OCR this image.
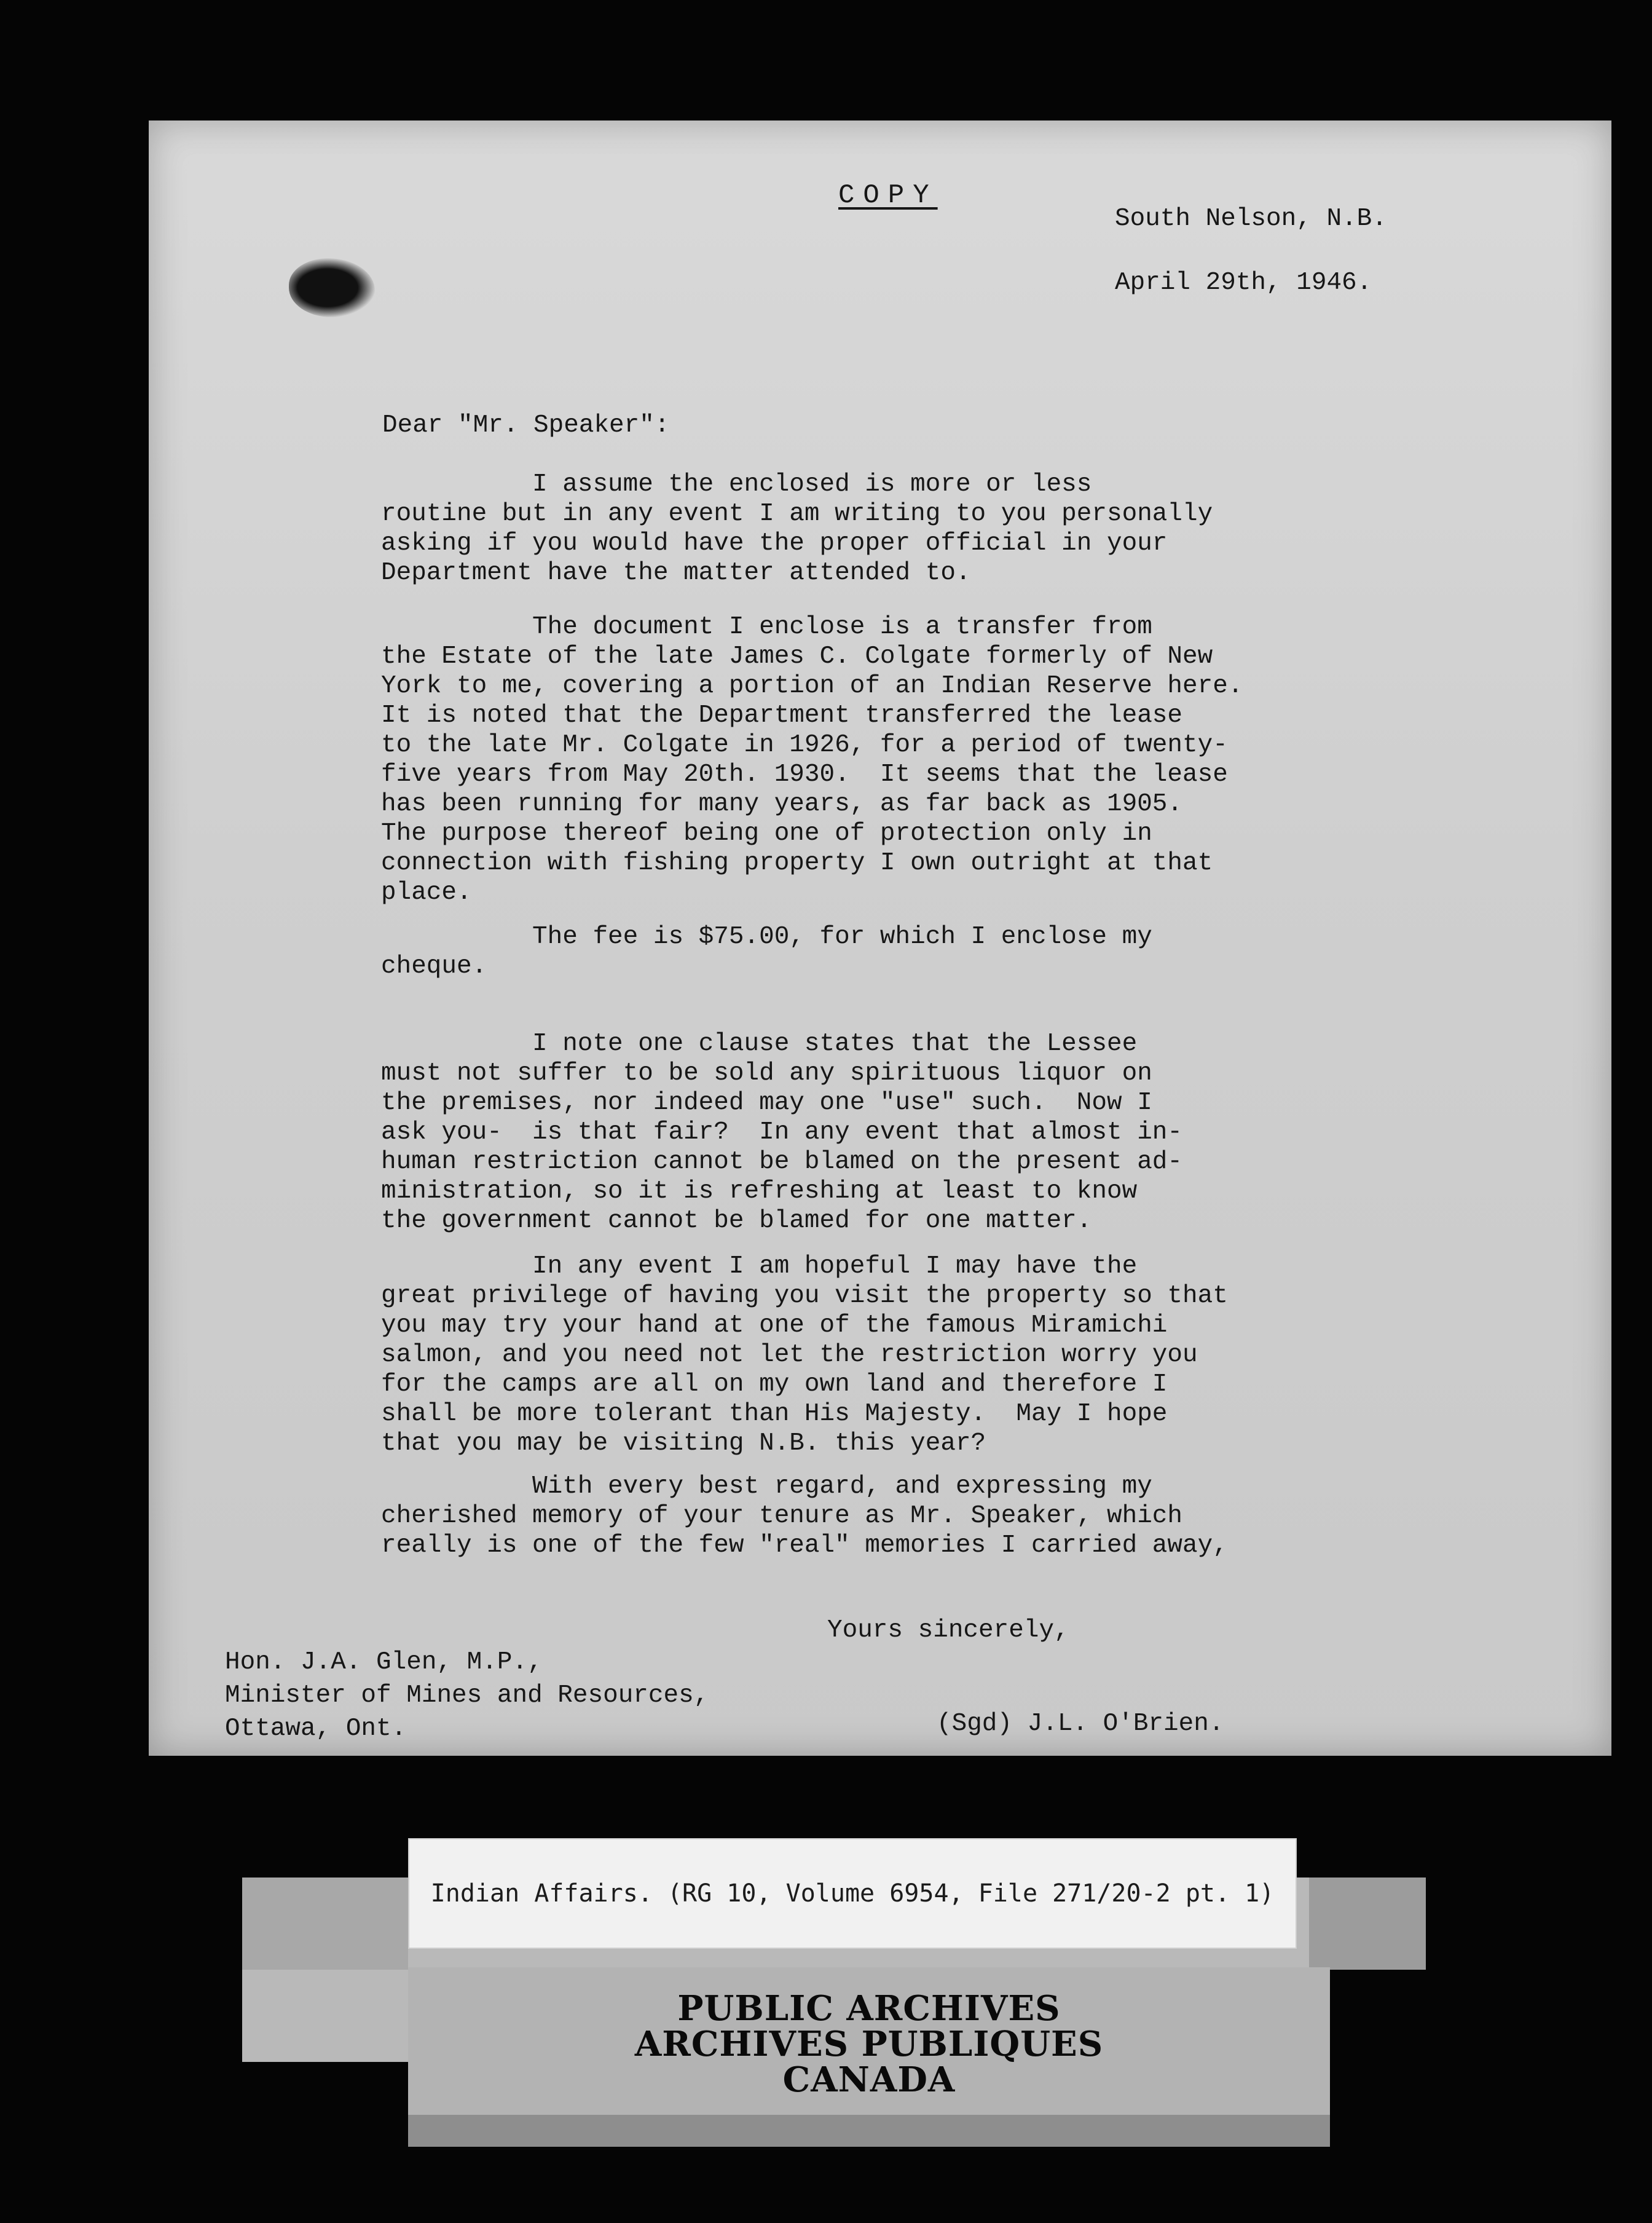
COPY
South Nelson, N.B.
April 29th, 1946.
Dear "Mr. Speaker":
I assume the enclosed is more or less
routine but in any event I am writing to you personally
asking if you would have the proper official in your
Department have the matter attended to.
The document I enclose is a transfer from
the Estate of the late James C. Colgate formerly of New
York to me, covering a portion of an Indian Reserve here.
It is noted that the Department transferred the lease
to the late Mr. Colgate in 1926, for a period of twenty-
five years from May 20th. 1930.  It seems that the lease
has been running for many years, as far back as 1905.
The purpose thereof being one of protection only in
connection with fishing property I own outright at that
place.
The fee is $75.00, for which I enclose my
cheque.
I note one clause states that the Lessee
must not suffer to be sold any spirituous liquor on
the premises, nor indeed may one "use" such.  Now I
ask you-  is that fair?  In any event that almost in-
human restriction cannot be blamed on the present ad-
ministration, so it is refreshing at least to know
the government cannot be blamed for one matter.
In any event I am hopeful I may have the
great privilege of having you visit the property so that
you may try your hand at one of the famous Miramichi
salmon, and you need not let the restriction worry you
for the camps are all on my own land and therefore I
shall be more tolerant than His Majesty.  May I hope
that you may be visiting N.B. this year?
With every best regard, and expressing my
cherished memory of your tenure as Mr. Speaker, which
really is one of the few "real" memories I carried away,
Yours sincerely,
Hon. J.A. Glen, M.P.,
Minister of Mines and Resources,
Ottawa, Ont.	(Sgd) J.L. O'Brien.
Indian Affairs. (RG 10, Volume 6954, File 271/20-2 pt. 1)
PUBLIC ARCHIVES
ARCHIVES PUBLIQUES
CANADA
